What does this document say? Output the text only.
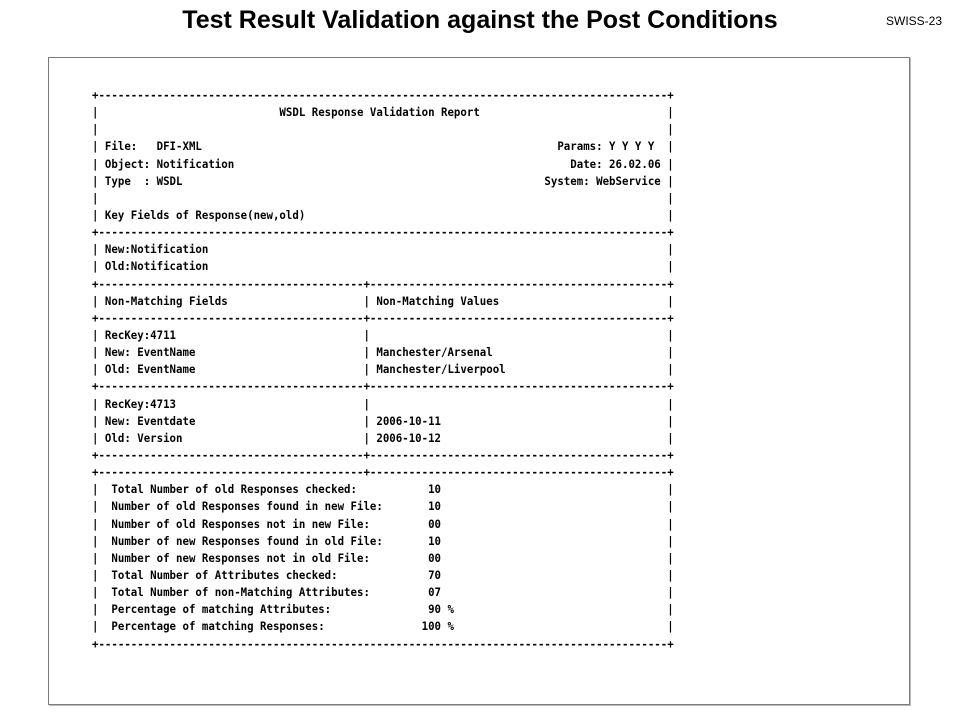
Test Result Validation against the Post Conditions	SWISS-23
+----------------------------------------------------------------------------------------+
|                            WSDL Response Validation Report                             |
|                                                                                        |
| File:   DFI-XML                                                       Params: Y Y Y Y  |
| Object: Notification                                                    Date: 26.02.06 |
| Type  : WSDL                                                        System: WebService |
|                                                                                        |
| Key Fields of Response(new,old)                                                        |
+----------------------------------------------------------------------------------------+
| New:Notification                                                                       |
| Old:Notification                                                                       |
+-----------------------------------------+----------------------------------------------+
| Non-Matching Fields                     | Non-Matching Values                          |
+-----------------------------------------+----------------------------------------------+
| RecKey:4711                             |                                              |
| New: EventName                          | Manchester/Arsenal                           |
| Old: EventName                          | Manchester/Liverpool                         |
+-----------------------------------------+----------------------------------------------+
| RecKey:4713                             |                                              |
| New: Eventdate                          | 2006-10-11                                   |
| Old: Version                            | 2006-10-12                                   |
+-----------------------------------------+----------------------------------------------+
+-----------------------------------------+----------------------------------------------+
|  Total Number of old Responses checked:           10                                   |
|  Number of old Responses found in new File:       10                                   |
|  Number of old Responses not in new File:         00                                   |
|  Number of new Responses found in old File:       10                                   |
|  Number of new Responses not in old File:         00                                   |
|  Total Number of Attributes checked:              70                                   |
|  Total Number of non-Matching Attributes:         07                                   |
|  Percentage of matching Attributes:               90 %                                 |
|  Percentage of matching Responses:               100 %                                 |
+----------------------------------------------------------------------------------------+
